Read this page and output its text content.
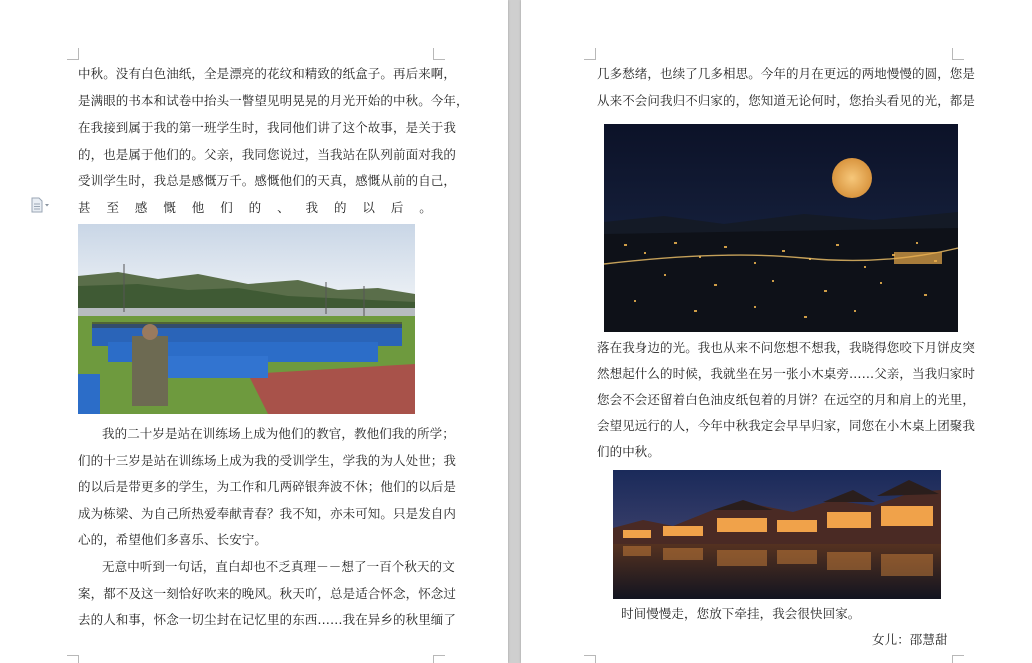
中秋。没有白色油纸，全是漂亮的花纹和精致的纸盒子。再后来啊，
是满眼的书本和试卷中抬头一瞥望见明晃晃的月光开始的中秋。今年，
在我接到属于我的第一班学生时，我同他们讲了这个故事，是关于我
的，也是属于他们的。父亲，我同您说过，当我站在队列前面对我的
受训学生时，我总是感慨万千。感慨他们的天真，感慨从前的自己，
甚 至 感 慨 他 们 的 、 我 的 以 后 。
我的二十岁是站在训练场上成为他们的教官，教他们我的所学；
们的十三岁是站在训练场上成为我的受训学生，学我的为人处世；我
的以后是带更多的学生，为工作和几两碎银奔波不休；他们的以后是
成为栋梁、为自己所热爱奉献青春？我不知，亦未可知。只是发自内
心的，希望他们多喜乐、长安宁。
无意中听到一句话，直白却也不乏真理－－想了一百个秋天的文
案，都不及这一刻恰好吹来的晚风。秋天吖，总是适合怀念，怀念过
去的人和事，怀念一切尘封在记忆里的东西……我在异乡的秋里缅了
几多愁绪，也续了几多相思。今年的月在更远的两地慢慢的圆，您是
从来不会问我归不归家的，您知道无论何时，您抬头看见的光，都是
落在我身边的光。我也从来不问您想不想我，我晓得您咬下月饼皮突
然想起什么的时候，我就坐在另一张小木桌旁……父亲，当我归家时
您会不会还留着白色油皮纸包着的月饼？在远空的月和肩上的光里，
会望见远行的人，今年中秋我定会早早归家，同您在小木桌上团聚我
们的中秋。
时间慢慢走，您放下牵挂，我会很快回家。
女儿：邵慧甜
